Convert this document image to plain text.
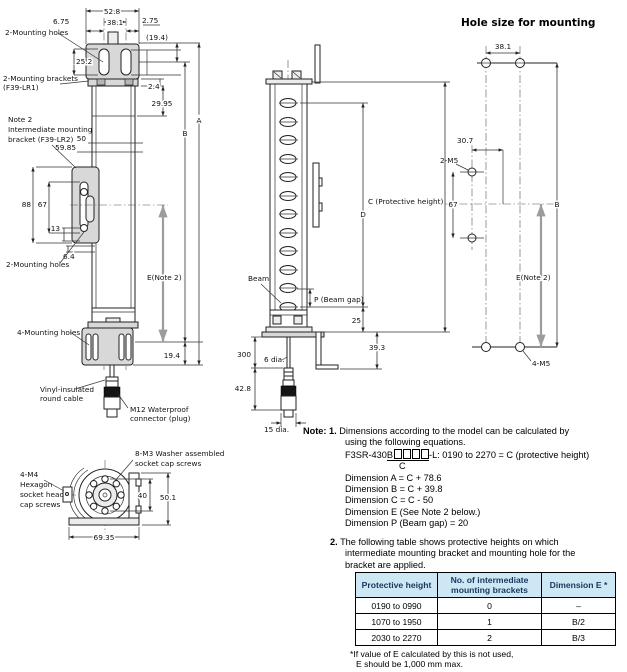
52.8
38.1
6.75	2.75
(19.4)
25.2
2.4
29.95
50
59.85
88 67
13
6.4
E(Note 2)
B
A
19.4
2-Mounting holes
2-Mounting brackets
(F39-LR1)
Note 2
Intermediate mounting
bracket (F39-LR2)
2-Mounting holes
4-Mounting holes
Vinyl-insulated
round cable
M12 Waterproof
connector (plug)
300
42.8
6 dia.
15 dia.
Beam
P (Beam gap)
D
C (Protective height)
25
39.3
Hole size for mounting
38.1
30.7
2-M5
67
E(Note 2)
B
4-M5
40 50.1
69.35
8-M3 Washer assembled
socket cap screws
4-M4
Hexagon
socket head
cap screws
Note: 1. Dimensions according to the model can be calculated by
using the following equations.
F3SR-430B	-L: 0190 to 2270 = C (protective height)
C
Dimension A = C + 78.6
Dimension B = C + 39.8
Dimension C = C - 50
Dimension E (See Note 2 below.)
Dimension P (Beam gap) = 20
2. The following table shows protective heights on which
intermediate mounting bracket and mounting hole for the
bracket are applied.
Protective height	No. of intermediate mounting brackets	Dimension E *
0190 to 0990	0	–
1070 to 1950	1	B/2
2030 to 2270	2	B/3
*If value of E calculated by this is not used,
E should be 1,000 mm max.
